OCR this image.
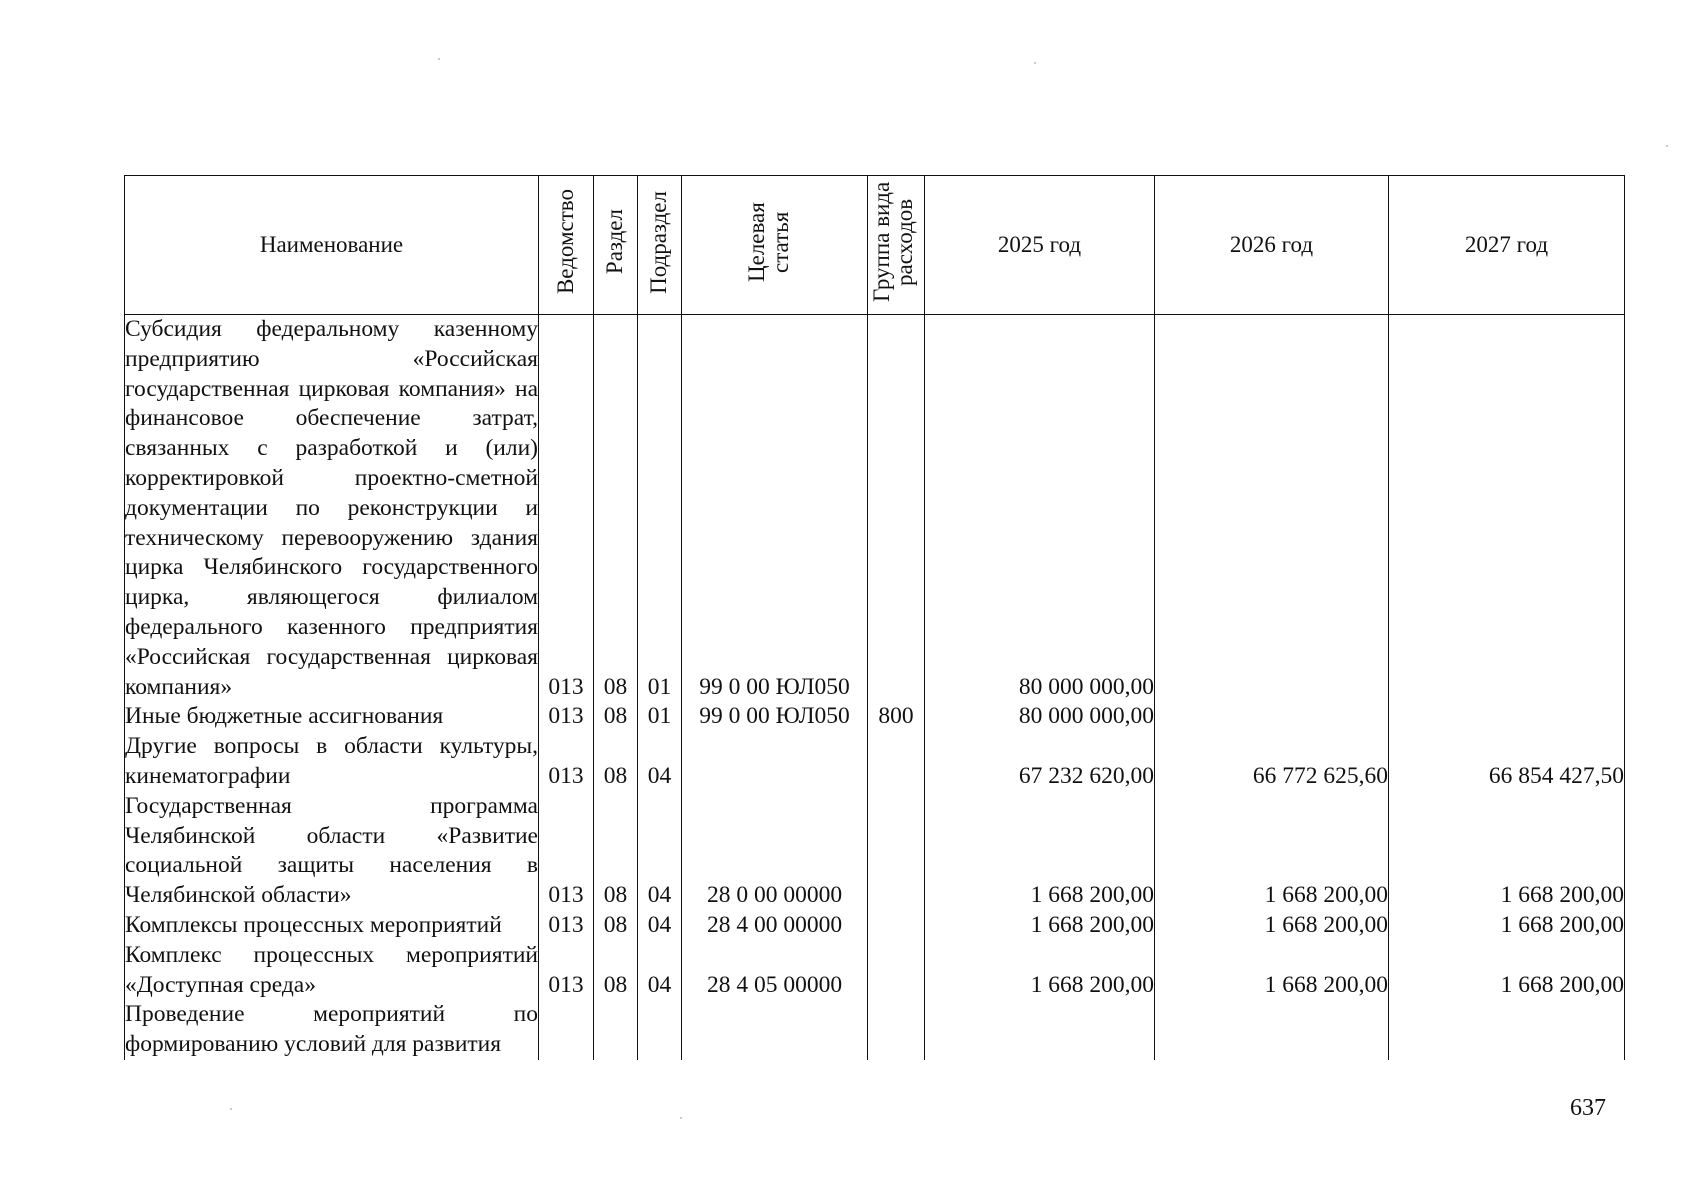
Наименование	Ведомство	Раздел	Подраздел	Целевая статья	Группа вида расходов	2025 год	2026 год	2027 год
Субсидия федеральному казенному предприятию «Российская государственная цирковая компания» на финансовое обеспечение затрат, связанных с разработкой и (или) корректировкой проектно-сметной документации по реконструкции и техническому перевооружению здания цирка Челябинского государственного цирка, являющегося филиалом федерального казенного предприятия «Российская государственная цирковая компания»	013	08	01	99 0 00 ЮЛ050		80 000 000,00		
Иные бюджетные ассигнования	013	08	01	99 0 00 ЮЛ050	800	80 000 000,00		
Другие вопросы в области культуры, кинематографии	013	08	04			67 232 620,00	66 772 625,60	66 854 427,50
Государственная программа Челябинской области «Развитие социальной защиты населения в Челябинской области»	013	08	04	28 0 00 00000		1 668 200,00	1 668 200,00	1 668 200,00
Комплексы процессных мероприятий	013	08	04	28 4 00 00000		1 668 200,00	1 668 200,00	1 668 200,00
Комплекс процессных мероприятий «Доступная среда»	013	08	04	28 4 05 00000		1 668 200,00	1 668 200,00	1 668 200,00
Проведение мероприятий по формированию условий для развития								
637
